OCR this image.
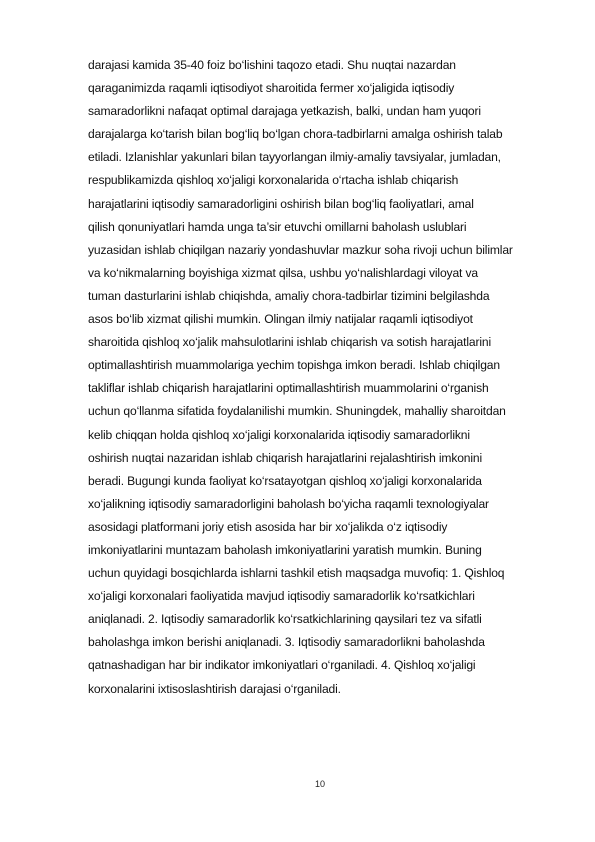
darajasi kamida 35-40 foiz bo‘lishini taqozo etadi. Shu nuqtai nazardan
qaraganimizda raqamli iqtisodiyot sharoitida fermer xo‘jaligida iqtisodiy
samaradorlikni nafaqat optimal darajaga yetkazish, balki, undan ham yuqori
darajalarga ko‘tarish bilan bog‘liq bo‘lgan chora-tadbirlarni amalga oshirish talab
etiladi. Izlanishlar yakunlari bilan tayyorlangan ilmiy-amaliy tavsiyalar, jumladan,
respublikamizda qishloq xo‘jaligi korxonalarida o‘rtacha ishlab chiqarish
harajatlarini iqtisodiy samaradorligini oshirish bilan bog‘liq faoliyatlari, amal
qilish qonuniyatlari hamda unga ta’sir etuvchi omillarni baholash uslublari
yuzasidan ishlab chiqilgan nazariy yondashuvlar mazkur soha rivoji uchun bilimlar
va ko‘nikmalarning boyishiga xizmat qilsa, ushbu yo‘nalishlardagi viloyat va
tuman dasturlarini ishlab chiqishda, amaliy chora-tadbirlar tizimini belgilashda
asos bo‘lib xizmat qilishi mumkin. Olingan ilmiy natijalar raqamli iqtisodiyot
sharoitida qishloq xo‘jalik mahsulotlarini ishlab chiqarish va sotish harajatlarini
optimallashtirish muammolariga yechim topishga imkon beradi. Ishlab chiqilgan
takliflar ishlab chiqarish harajatlarini optimallashtirish muammolarini o‘rganish
uchun qo‘llanma sifatida foydalanilishi mumkin. Shuningdek, mahalliy sharoitdan
kelib chiqqan holda qishloq xo‘jaligi korxonalarida iqtisodiy samaradorlikni
oshirish nuqtai nazaridan ishlab chiqarish harajatlarini rejalashtirish imkonini
beradi. Bugungi kunda faoliyat ko‘rsatayotgan qishloq xo‘jaligi korxonalarida
xo‘jalikning iqtisodiy samaradorligini baholash bo‘yicha raqamli texnologiyalar
asosidagi platformani joriy etish asosida har bir xo‘jalikda o‘z iqtisodiy
imkoniyatlarini muntazam baholash imkoniyatlarini yaratish mumkin. Buning
uchun quyidagi bosqichlarda ishlarni tashkil etish maqsadga muvofiq: 1. Qishloq
xo‘jaligi korxonalari faoliyatida mavjud iqtisodiy samaradorlik ko‘rsatkichlari
aniqlanadi. 2. Iqtisodiy samaradorlik ko‘rsatkichlarining qaysilari tez va sifatli
baholashga imkon berishi aniqlanadi. 3. Iqtisodiy samaradorlikni baholashda
qatnashadigan har bir indikator imkoniyatlari o‘rganiladi. 4. Qishloq xo‘jaligi
korxonalarini ixtisoslashtirish darajasi o‘rganiladi.
10
